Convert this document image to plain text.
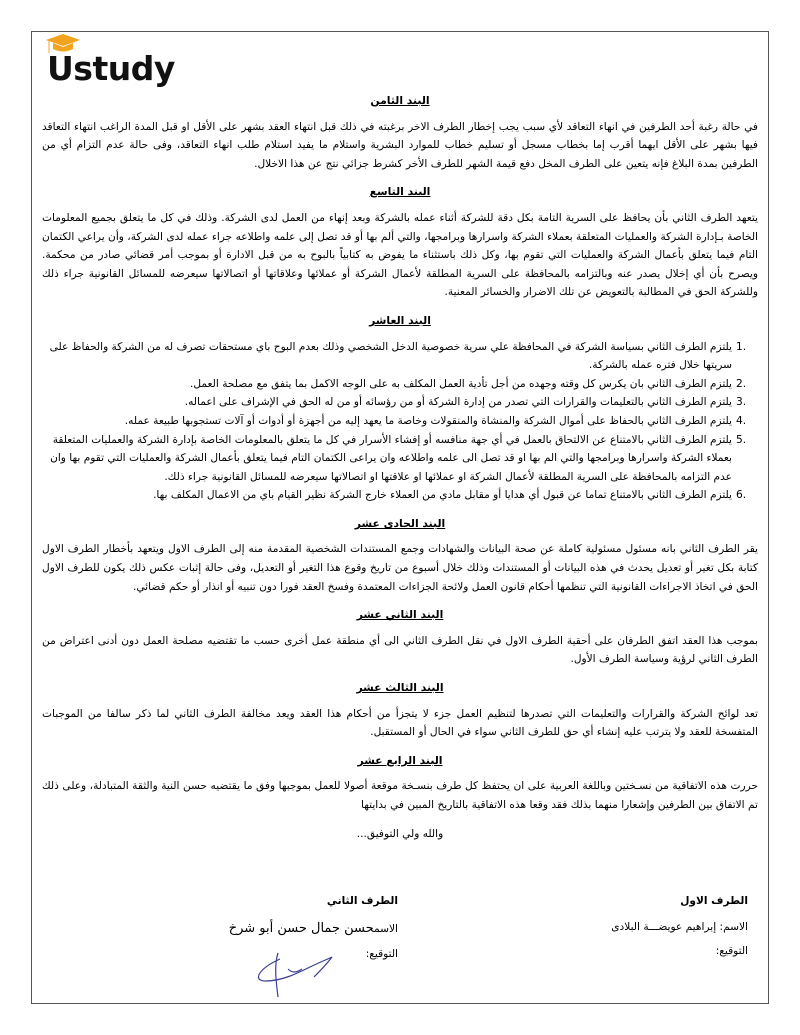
Ustudy
البند الثامن

في حالة رغبة أحد الطرفين في انهاء التعاقد لأي سبب يجب إخطار الطرف الاخر برغبته في ذلك قبل انتهاء العقد بشهر على الأقل او قبل المدة الراغب انتهاء التعاقد فيها بشهر على الأقل ايهما أقرب إما بخطاب مسجل أو تسليم خطاب للموارد البشرية واستلام ما يفيد استلام طلب انهاء التعاقد، وفى حالة عدم التزام أي من الطرفين بمدة البلاغ فإنه يتعين على الطرف المخل دفع قيمة الشهر للطرف الأخر كشرط جزائي نتج عن هذا الاخلال.

البند التاسع

يتعهد الطرف الثاني بأن يحافظ على السرية التامة بكل دقة للشركة أثناء عمله بالشركة وبعد إنهاء من العمل لدى الشركة. وذلك في كل ما يتعلق بجميع المعلومات الخاصة بـإدارة الشركة والعمليات المتعلقة بعملاء الشركة واسرارها وبرامجها، والتي ألم بها أو قد تصل إلى علمه واطلاعه جراء عمله لدى الشركة، وأن يراعي الكتمان التام فيما يتعلق بأعمال الشركة والعمليات التي تقوم بها، وكل ذلك باستثناء ما يفوض به كتابياً بالبوح به من قبل الادارة أو بموجب أمر قضائي صادر من محكمة. ويصرح بأن أي إخلال يصدر عنه وبالتزامه بالمحافظة على السرية المطلقة لأعمال الشركة أو عملائها وعلاقاتها أو اتصالاتها سيعرضه للمسائل القانونية جراء ذلك وللشركة الحق في المطالبة بالتعويض عن تلك الاضرار والخسائر المعنية.

البند العاشر
1.
يلتزم الطرف الثاني بسياسة الشركة في المحافظة علي سرية خصوصية الدخل الشخصي وذلك بعدم البوح باي مستحقات تصرف له من الشركة والحفاظ على سريتها خلال فتره عمله بالشركة.
2.
يلتزم الطرف الثاني بان يكرس كل وقته وجهده من أجل تأدية العمل المكلف به على الوجه الاكمل بما يتفق مع مصلحة العمل.
3.
يلتزم الطرف الثاني بالتعليمات والقرارات التي تصدر من إدارة الشركة أو من رؤسائه أو من له الحق في الإشراف على اعماله.
4.
يلتزم الطرف الثاني بالحفاظ على أموال الشركة والمنشاة والمنقولات وخاصة ما يعهد إليه من أجهزة أو أدوات أو آلات تستجوبها طبيعة عمله.
5.
يلتزم الطرف الثاني بالامتناع عن الالتحاق بالعمل في أي جهة منافسه أو إفشاء الأسرار في كل ما يتعلق بالمعلومات الخاصة بإدارة الشركة والعمليات المتعلقة بعملاء الشركة واسرارها وبرامجها والتي الم بها او قد تصل الى علمه واطلاعه وان يراعى الكتمان التام فيما يتعلق بأعمال الشركة والعمليات التي تقوم بها وان عدم التزامه بالمحافظة على السرية المطلقة لأعمال الشركة او عملائها او علاقتها او اتصالاتها سيعرضه للمسائل القانونية جراء ذلك.
6.
يلتزم الطرف الثاني بالامتناع تماما عن قبول أي هدايا أو مقابل مادي من العملاء خارج الشركة نظير القيام باي من الاعمال المكلف بها.
البند الحادى عشر

يقر الطرف الثاني بانه مسئول مسئولية كاملة عن صحة البيانات والشهادات وجمع المستندات الشخصية المقدمة منه إلى الطرف الاول ويتعهد بأخطار الطرف الاول كتابة بكل تغير أو تعديل يحدث في هذه البيانات أو المستندات وذلك خلال أسبوع من تاريخ وقوع هذا التغير أو التعديل، وفى حالة إثبات عكس ذلك يكون للطرف الاول الحق في اتخاذ الاجراءات القانونية التي تنظمها أحكام قانون العمل ولائحة الجزاءات المعتمدة وفسخ العقد فورا دون تنبيه أو انذار أو حكم قضائي.

البند الثاني عشر

بموجب هذا العقد اتفق الطرفان على أحقية الطرف الاول في نقل الطرف الثاني الى أي منطقة عمل أخرى حسب ما تقتضيه مصلحة العمل دون أدنى اعتراض من الطرف الثاني لرؤية وسياسة الطرف الأول.

البند الثالث عشر

تعد لوائح الشركة والقرارات والتعليمات التي تصدرها لتنظيم العمل جزء لا يتجزأ من أحكام هذا العقد ويعد مخالفة الطرف الثاني لما ذكر سالفا من الموجبات المتفسخة للعقد ولا يترتب عليه إنشاء أي حق للطرف الثاني سواء في الحال أو المستقبل.

البند الرابع عشر

حررت هذه الاتفاقية من نسـختين وباللغة العربية على ان يحتفظ كل طرف بنسـخة موقعة أصولا للعمل بموجبها وفق ما يقتضيه حسن النية والثقة المتبادلة، وعلى ذلك تم الاتفاق بين الطرفين وإشعارا منهما بذلك فقد وقعا هذه الاتفاقية بالتاريخ المبين في بدايتها

والله ولي التوفيق...
الطرف الاول
الاسم: إبراهيم عويضـــة البلادى
التوقيع:
الطرف الثاني
الاسمحسن جمال حسن أبو شرخ
التوقيع:
